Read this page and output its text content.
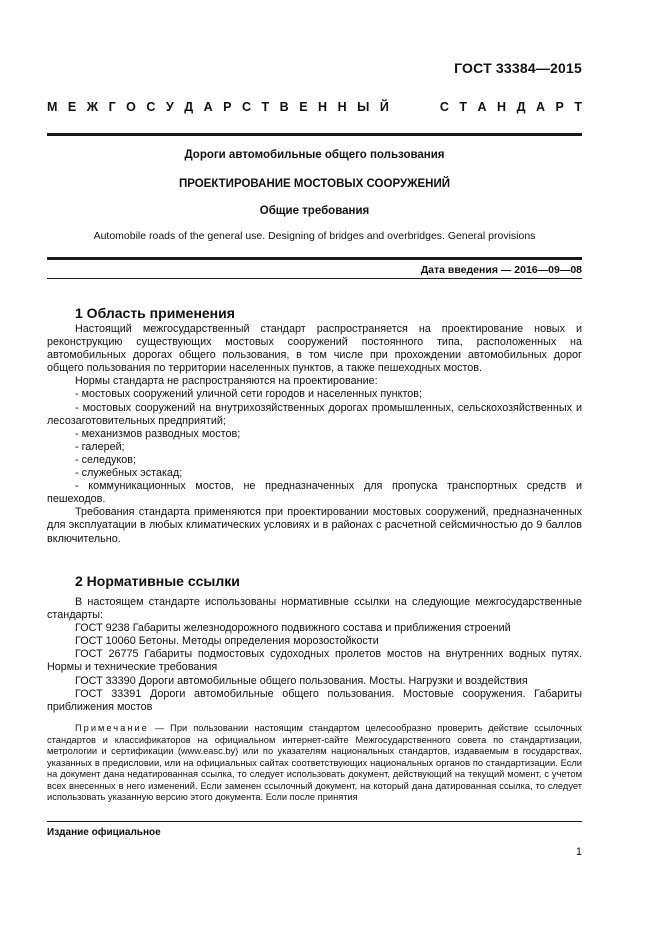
ГОСТ 33384—2015
М Е Ж Г О С У Д А Р С Т В Е Н Н Ы Й	С Т А Н Д А Р Т
Дороги автомобильные общего пользования
ПРОЕКТИРОВАНИЕ МОСТОВЫХ СООРУЖЕНИЙ
Общие требования
Automobile roads of the general use. Designing of bridges and overbridges. General provisions
Дата введения — 2016—09—08
1 Область применения

Настоящий межгосударственный стандарт распространяется на проектирование новых и реконструкцию существующих мостовых сооружений постоянного типа, расположенных на автомобильных дорогах общего пользования, в том числе при прохождении автомобильных дорог общего пользования по территории населенных пунктов, а также пешеходных мостов.

Нормы стандарта не распространяются на проектирование:

- мостовых сооружений уличной сети городов и населенных пунктов;

- мостовых сооружений на внутрихозяйственных дорогах промышленных, сельскохозяйственных и лесозаготовительных предприятий;

- механизмов разводных мостов;

- галерей;

- селедуков;

- служебных эстакад;

- коммуникационных мостов, не предназначенных для пропуска транспортных средств и пешеходов.

Требования стандарта применяются при проектировании мостовых сооружений, предназначенных для эксплуатации в любых климатических условиях и в районах с расчетной сейсмичностью до 9 баллов включительно.

2 Нормативные ссылки

В настоящем стандарте использованы нормативные ссылки на следующие межгосударственные стандарты:

ГОСТ 9238 Габариты железнодорожного подвижного состава и приближения строений

ГОСТ 10060 Бетоны. Методы определения морозостойкости

ГОСТ 26775 Габариты подмостовых судоходных пролетов мостов на внутренних водных путях. Нормы и технические требования

ГОСТ 33390 Дороги автомобильные общего пользования. Мосты. Нагрузки и воздействия

ГОСТ 33391 Дороги автомобильные общего пользования. Мостовые сооружения. Габариты приближения мостов

Примечание — При пользовании настоящим стандартом целесообразно проверить действие ссылочных стандартов и классификаторов на официальном интернет-сайте Межгосударственного совета по стандартизации, метрологии и сертификации (www.easc.by) или по указателям национальных стандартов, издаваемым в государствах, указанных в предисловии, или на официальных сайтах соответствующих национальных органов по стандартизации. Если на документ дана недатированная ссылка, то следует использовать документ, действующий на текущий момент, с учетом всех внесенных в него изменений. Если заменен ссылочный документ, на который дана датированная ссылка, то следует использовать указанную версию этого документа. Если после принятия
Издание официальное
1
